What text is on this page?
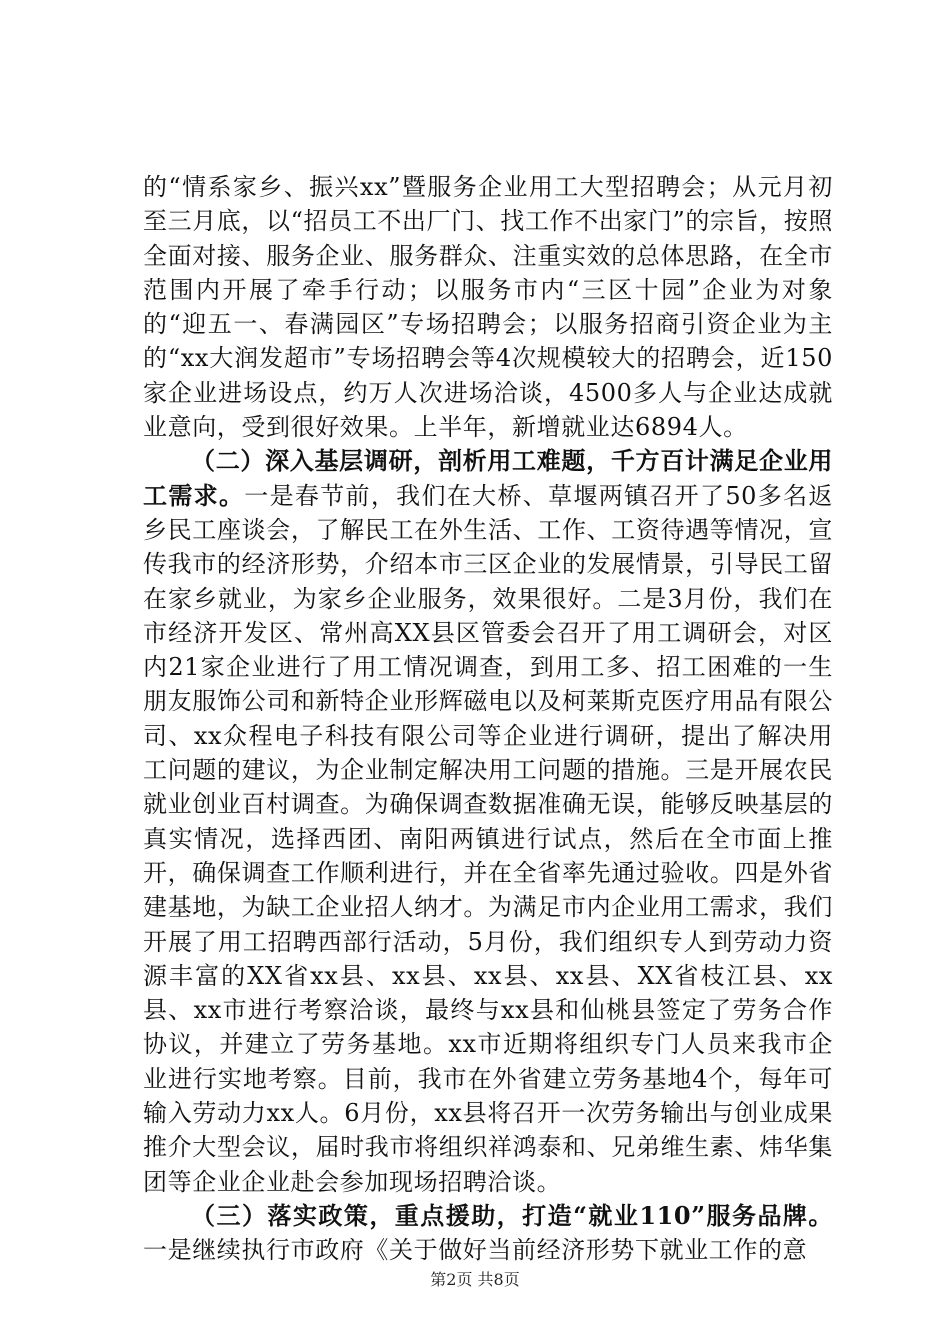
的“情系家乡、振兴xx”暨服务企业用工大型招聘会；从元月初至三月底，以“招员工不出厂门、找工作不出家门”的宗旨，按照全面对接、服务企业、服务群众、注重实效的总体思路，在全市范围内开展了牵手行动；以服务市内“三区十园”企业为对象的“迎五一、春满园区”专场招聘会；以服务招商引资企业为主的“xx大润发超市”专场招聘会等4次规模较大的招聘会，近150家企业进场设点，约万人次进场洽谈，4500多人与企业达成就业意向，受到很好效果。上半年，新增就业达6894人。

（二）深入基层调研，剖析用工难题，千方百计满足企业用工需求。一是春节前，我们在大桥、草堰两镇召开了50多名返乡民工座谈会，了解民工在外生活、工作、工资待遇等情况，宣传我市的经济形势，介绍本市三区企业的发展情景，引导民工留在家乡就业，为家乡企业服务，效果很好。二是3月份，我们在市经济开发区、常州高XX县区管委会召开了用工调研会，对区内21家企业进行了用工情况调查，到用工多、招工困难的一生朋友服饰公司和新特企业形辉磁电以及柯莱斯克医疗用品有限公司、xx众程电子科技有限公司等企业进行调研，提出了解决用工问题的建议，为企业制定解决用工问题的措施。三是开展农民就业创业百村调查。为确保调查数据准确无误，能够反映基层的真实情况，选择西团、南阳两镇进行试点，然后在全市面上推开，确保调查工作顺利进行，并在全省率先通过验收。四是外省建基地，为缺工企业招人纳才。为满足市内企业用工需求，我们开展了用工招聘西部行活动，5月份，我们组织专人到劳动力资源丰富的XX省xx县、xx县、xx县、xx县、XX省枝江县、xx县、xx市进行考察洽谈，最终与xx县和仙桃县签定了劳务合作协议，并建立了劳务基地。xx市近期将组织专门人员来我市企业进行实地考察。目前，我市在外省建立劳务基地4个，每年可输入劳动力xx人。6月份，xx县将召开一次劳务输出与创业成果推介大型会议，届时我市将组织祥鸿泰和、兄弟维生素、炜华集团等企业企业赴会参加现场招聘洽谈。

（三）落实政策，重点援助，打造“就业110”服务品牌。一是继续执行市政府《关于做好当前经济形势下就业工作的意

第2页 共8页
